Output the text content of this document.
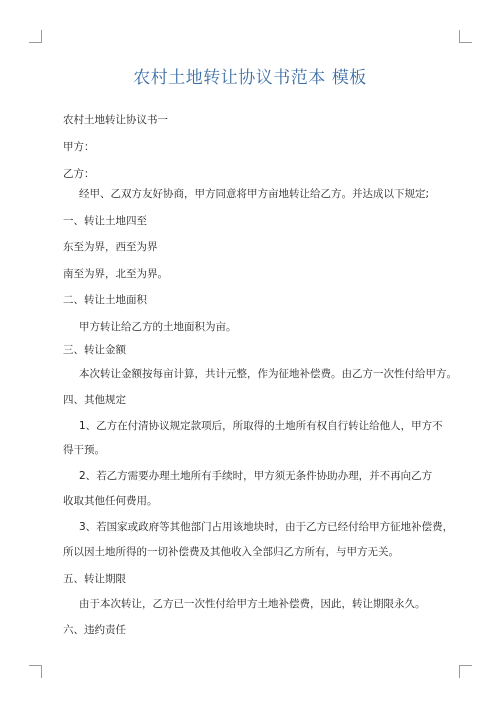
农村土地转让协议书范本 模板
农村土地转让协议书一
甲方：
乙方：
经甲、乙双方友好协商，甲方同意将甲方亩地转让给乙方。并达成以下规定;
一、转让土地四至
东至为界，西至为界
南至为界，北至为界。
二、转让土地面积
甲方转让给乙方的土地面积为亩。
三、转让金额
本次转让金额按每亩计算，共计元整，作为征地补偿费。由乙方一次性付给甲方。
四、其他规定
1、乙方在付清协议规定款项后，所取得的土地所有权自行转让给他人，甲方不
得干预。
2、若乙方需要办理土地所有手续时，甲方须无条件协助办理，并不再向乙方
收取其他任何费用。
3、若国家或政府等其他部门占用该地块时，由于乙方已经付给甲方征地补偿费，
所以因土地所得的一切补偿费及其他收入全部归乙方所有，与甲方无关。
五、转让期限
由于本次转让，乙方已一次性付给甲方土地补偿费，因此，转让期限永久。
六、违约责任
